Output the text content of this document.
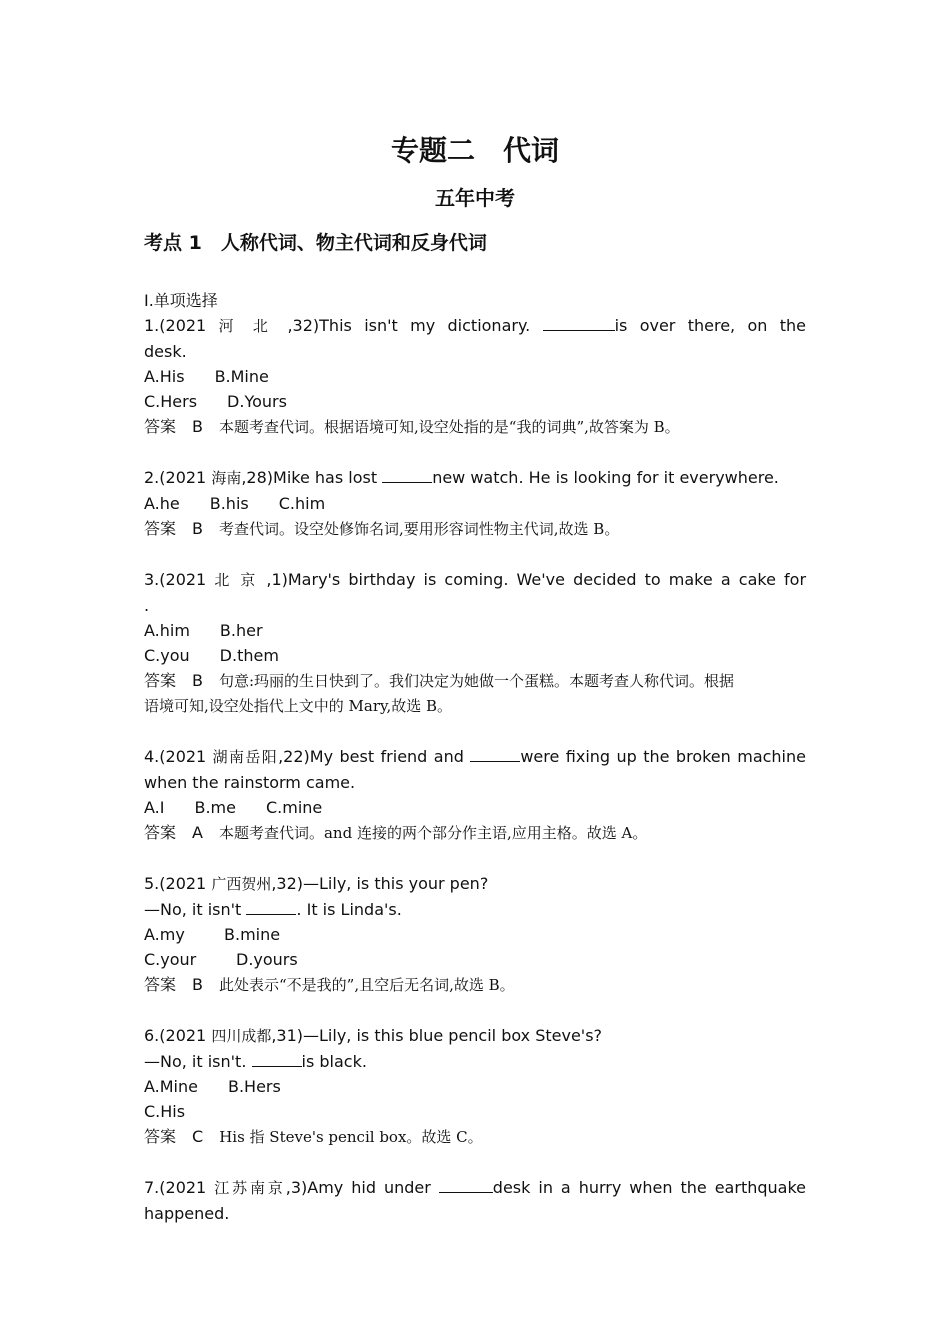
专题二　代词
五年中考
考点 1　人称代词、物主代词和反身代词
Ⅰ.单项选择

1.(2021 河 北 ,32)This isn't my dictionary.	is over there, on the

desk.

A.His B.Mine

C.Hers D.Yours

答案 B 本题考查代词。根据语境可知,设空处指的是“我的词典”,故答案为 B。

2.(2021 海南,28)Mike has lost	new watch. He is looking for it everywhere.

A.he B.his C.him

答案 B 考查代词。设空处修饰名词,要用形容词性物主代词,故选 B。

3.(2021 北 京 ,1)Mary's birthday is coming. We've decided to make a cake for

.

A.him B.her

C.you D.them

答案 B 句意:玛丽的生日快到了。我们决定为她做一个蛋糕。本题考查人称代词。根据

语境可知,设空处指代上文中的 Mary,故选 B。

4.(2021 湖南岳阳,22)My best friend and	were fixing up the broken machine

when the rainstorm came.

A.I B.me C.mine

答案 A 本题考查代词。and 连接的两个部分作主语,应用主格。故选 A。

5.(2021 广西贺州,32)—Lily, is this your pen?

—No, it isn't	. It is Linda's.

A.my B.mine

C.your D.yours

答案 B 此处表示“不是我的”,且空后无名词,故选 B。

6.(2021 四川成都,31)—Lily, is this blue pencil box Steve's?

—No, it isn't.	is black.

A.Mine B.Hers

C.His

答案 C His 指 Steve's pencil box。故选 C。

7.(2021 江苏南京,3)Amy hid under	desk in a hurry when the earthquake

happened.
